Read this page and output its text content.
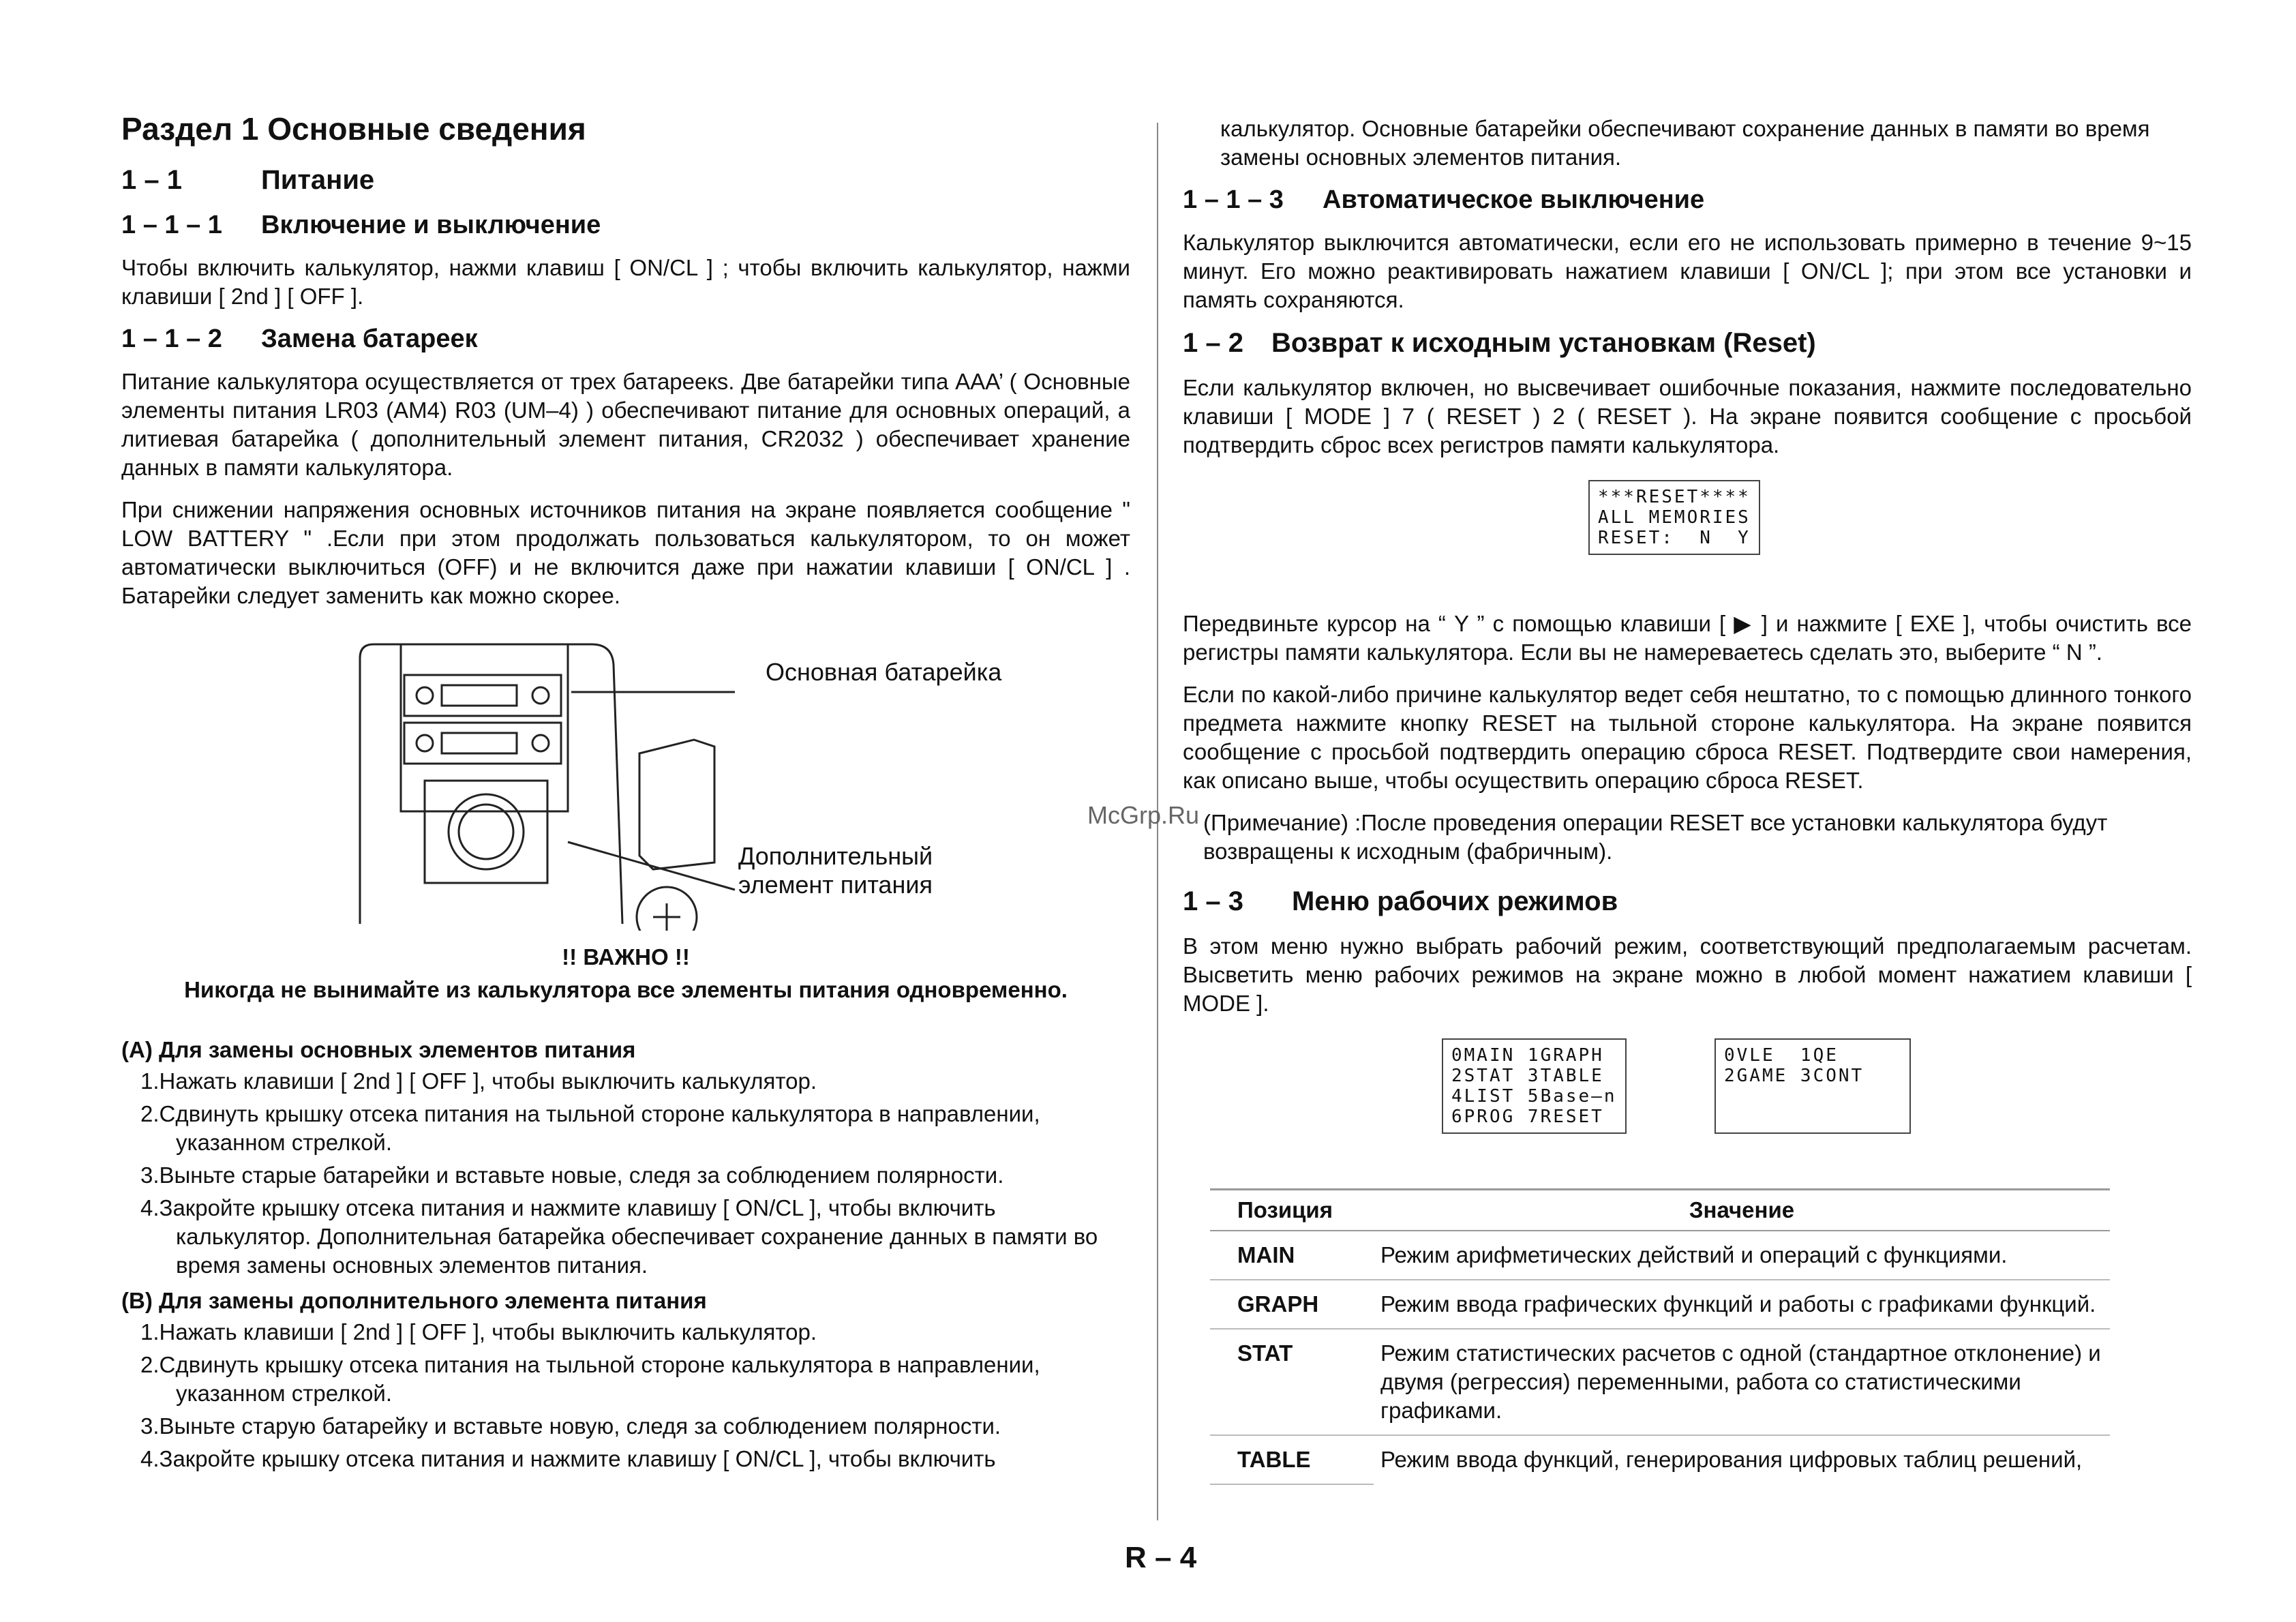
Раздел 1 Основные сведения
1 – 1	Питание
1 – 1 – 1 Включение и выключение

Чтобы включить калькулятор, нажми клавиш [ ON/CL ] ; чтобы включить калькулятор, нажми клавиши [ 2nd ] [ OFF ].

1 – 1 – 2 Замена батареек

Питание калькулятора осуществляется от трех батареекs. Две батарейки типа AAA’ ( Основные элементы питания LR03 (AM4) R03 (UM–4) ) обеспечивают питание для основных операций, а литиевая батарейка ( дополнительный элемент питания, CR2032 ) обеспечивает хранение данных в памяти калькулятора.

При снижении напряжения основных источников питания на экране появляется сообщение " LOW BATTERY " .Если при этом продолжать пользоваться калькулятором, то он может автоматически выключиться (OFF) и не включится даже при нажатии клавиши [ ON/CL ] . Батарейки следует заменить как можно скорее.

Основная батарейка
Дополнительный
элемент питания
!! ВАЖНО !!
Никогда не вынимайте из калькулятора все элементы питания одновременно.
(A) Для замены основных элементов питания
1.Нажать клавиши [ 2nd ] [ OFF ], чтобы выключить калькулятор.
2.Сдвинуть крышку отсека питания на тыльной стороне калькулятора в направлении, указанном стрелкой.
3.Выньте старые батарейки и вставьте новые, следя за соблюдением полярности.
4.Закройте крышку отсека питания и нажмите клавишу [ ON/CL ], чтобы включить калькулятор. Дополнительная батарейка обеспечивает сохранение данных в памяти во время замены основных элементов питания.
(B) Для замены дополнительного элемента питания
1.Нажать клавиши [ 2nd ] [ OFF ], чтобы выключить калькулятор.
2.Сдвинуть крышку отсека питания на тыльной стороне калькулятора в направлении, указанном стрелкой.
3.Выньте старую батарейку и вставьте новую, следя за соблюдением полярности.
4.Закройте крышку отсека питания и нажмите клавишу [ ON/CL ], чтобы включить

калькулятор. Основные батарейки обеспечивают сохранение данных в памяти во время замены основных элементов питания.

1 – 1 – 3 Автоматическое выключение

Калькулятор выключится автоматически, если его не использовать примерно в течение 9~15 минут. Его можно реактивировать нажатием клавиши [ ON/CL ]; при этом все установки и память сохраняются.

1 – 2 Возврат к исходным установкам (Reset)

Если калькулятор включен, но высвечивает ошибочные показания, нажмите последовательно клавиши [ MODE ] 7 ( RESET ) 2 ( RESET ). На экране появится сообщение с просьбой подтвердить сброс всех регистров памяти калькулятора.

***RESET****
ALL MEMORIES
RESET:  N  Y

Передвиньте курсор на “ Y ” с помощью клавиши [ ▶ ] и нажмите [ EXE ], чтобы очистить все регистры памяти калькулятора. Если вы не намереваетесь сделать это, выберите “ N ”.

Если по какой-либо причине калькулятор ведет себя нештатно, то с помощью длинного тонкого предмета нажмите кнопку RESET на тыльной стороне калькулятора. На экране появится сообщение с просьбой подтвердить операцию сброса RESET. Подтвердите свои намерения, как описано выше, чтобы осуществить операцию сброса RESET.

(Примечание) :После проведения операции RESET все установки калькулятора будут возвращены к исходным (фабричным).
1 – 3 Меню рабочих режимов

В этом меню нужно выбрать рабочий режим, соответствующий предполагаемым расчетам. Высветить меню рабочих режимов на экране можно в любой момент нажатием клавиши [ MODE ].

0MAIN 1GRAPH
2STAT 3TABLE
4LIST 5Base–n
6PROG 7RESET
0VLE  1QE
2GAME 3CONT
Позиция	Значение
MAIN	Режим арифметических действий и операций с функциями.
GRAPH	Режим ввода графических функций и работы с графиками функций.
STAT	Режим статистических расчетов с одной (стандартное отклонение) и двумя (регрессия) переменными, работа со статистическими графиками.
TABLE	Режим ввода функций, генерирования цифровых таблиц решений,
McGrp.Ru
R – 4
